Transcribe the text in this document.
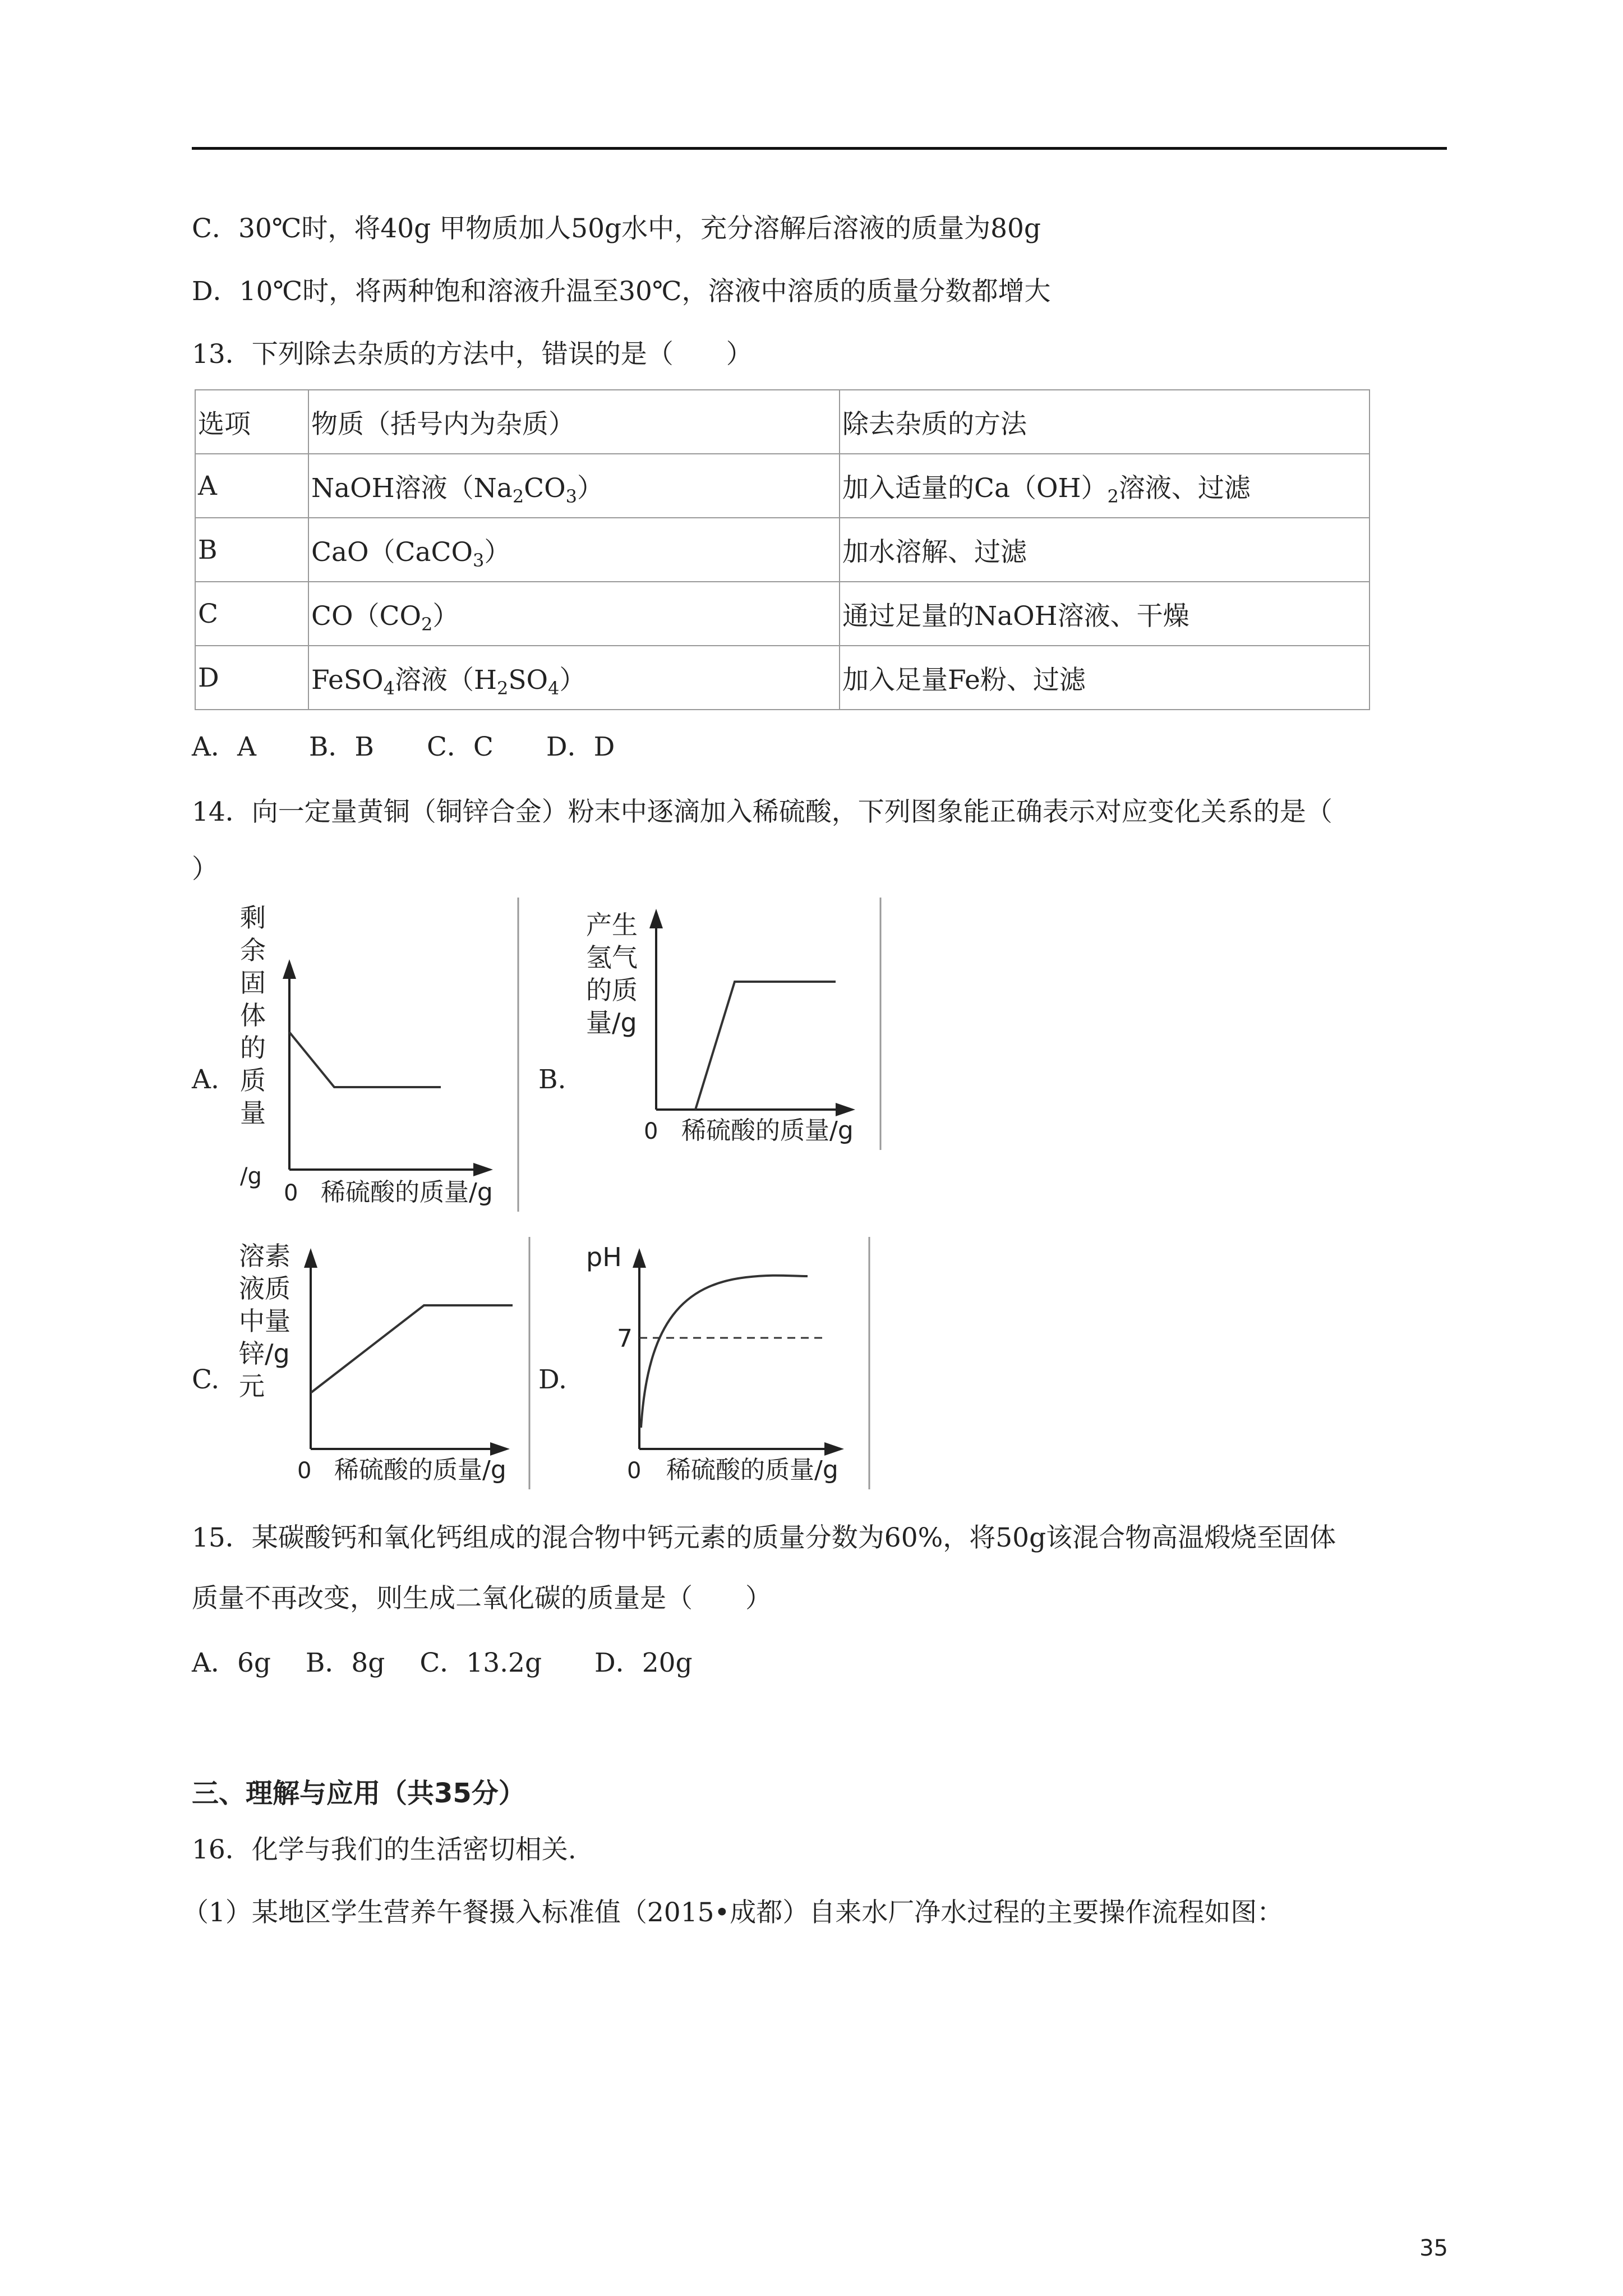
C．30℃时，将40g 甲物质加人50g水中，充分溶解后溶液的质量为80g
D．10℃时，将两种饱和溶液升温至30℃，溶液中溶质的质量分数都增大
13．下列除去杂质的方法中，错误的是（　　）
选项	物质（括号内为杂质）	除去杂质的方法
A	NaOH溶液$(Na_2CO_3)$	加入适量的$Ca(OH)_2$溶液、过滤
B	CaO（CaCO$_3$）	加水溶解、过滤
C	$CO(CO_2)$	通过足量的NaOH溶液、干燥
D	FeSO$_4$溶液$(H_2SO_4)$	加入足量Fe粉、过滤
A．A　　B．B　　C．C　　D．D
14．向一定量黄铜（铜锌合金）粉末中逐滴加入稀硫酸，下列图象能正确表示对应变化关系的是（
）
A.	B.
C.	D.
剩
余
固
体
的
质
量
/g
0 稀硫酸的质量/g
产生
氢气
的质
量/g
0 稀硫酸的质量/g
溶素
液质
中量
锌/g
元
0 稀硫酸的质量/g
pH
7
0 稀硫酸的质量/g
15．某碳酸钙和氧化钙组成的混合物中钙元素的质量分数为60%，将50g该混合物高温煅烧至固体
质量不再改变，则生成二氧化碳的质量是（　　）
A．6g　 B．8g　 C．13.2g　　D．20g
三、理解与应用（共35分）
16．化学与我们的生活密切相关.
（1）某地区学生营养午餐摄入标准值（2015•成都）自来水厂净水过程的主要操作流程如图：
35
